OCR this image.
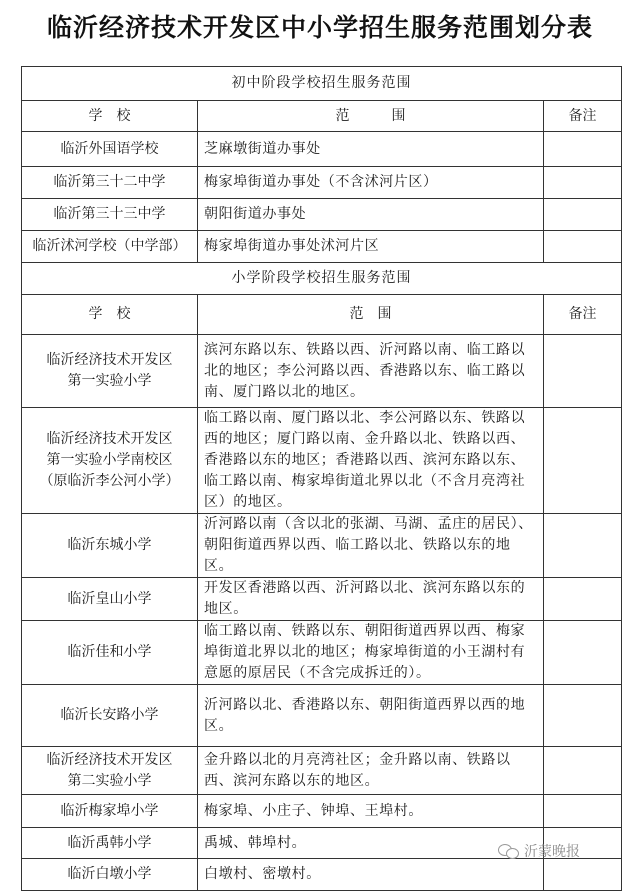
临沂经济技术开发区中小学招生服务范围划分表
初中阶段学校招生服务范围		
学　校	范　　　围	备注

临沂外国语学校	芝麻墩街道办事处	

临沂第三十二中学	梅家埠街道办事处（不含沭河片区）	

临沂第三十三中学	朝阳街道办事处	

临沂沭河学校（中学部）	梅家埠街道办事处沭河片区	
小学阶段学校招生服务范围		
学　校	范　围	备注

临沂经济技术开发区
第一实验小学	滨河东路以东、铁路以西、沂河路以南、临工路以北的地区；李公河路以西、香港路以东、临工路以南、厦门路以北的地区。	

临沂经济技术开发区
第一实验小学南校区
（原临沂李公河小学）	临工路以南、厦门路以北、李公河路以东、铁路以西的地区；厦门路以南、金升路以北、铁路以西、香港路以东的地区；香港路以西、滨河东路以东、临工路以南、梅家埠街道北界以北（不含月亮湾社区）的地区。	

临沂东城小学	沂河路以南（含以北的张湖、马湖、孟庄的居民）、朝阳街道西界以西、临工路以北、铁路以东的地区。	

临沂皇山小学	开发区香港路以西、沂河路以北、滨河东路以东的地区。	

临沂佳和小学	临工路以南、铁路以东、朝阳街道西界以西、梅家埠街道北界以北的地区；梅家埠街道的小王湖村有意愿的原居民（不含完成拆迁的）。	

临沂长安路小学	沂河路以北、香港路以东、朝阳街道西界以西的地区。	

临沂经济技术开发区
第二实验小学	金升路以北的月亮湾社区；金升路以南、铁路以西、滨河东路以东的地区。	

临沂梅家埠小学	梅家埠、小庄子、钟埠、王埠村。	

临沂禹韩小学	禹城、韩埠村。	

临沂白墩小学	白墩村、密墩村。	
沂蒙晚报
